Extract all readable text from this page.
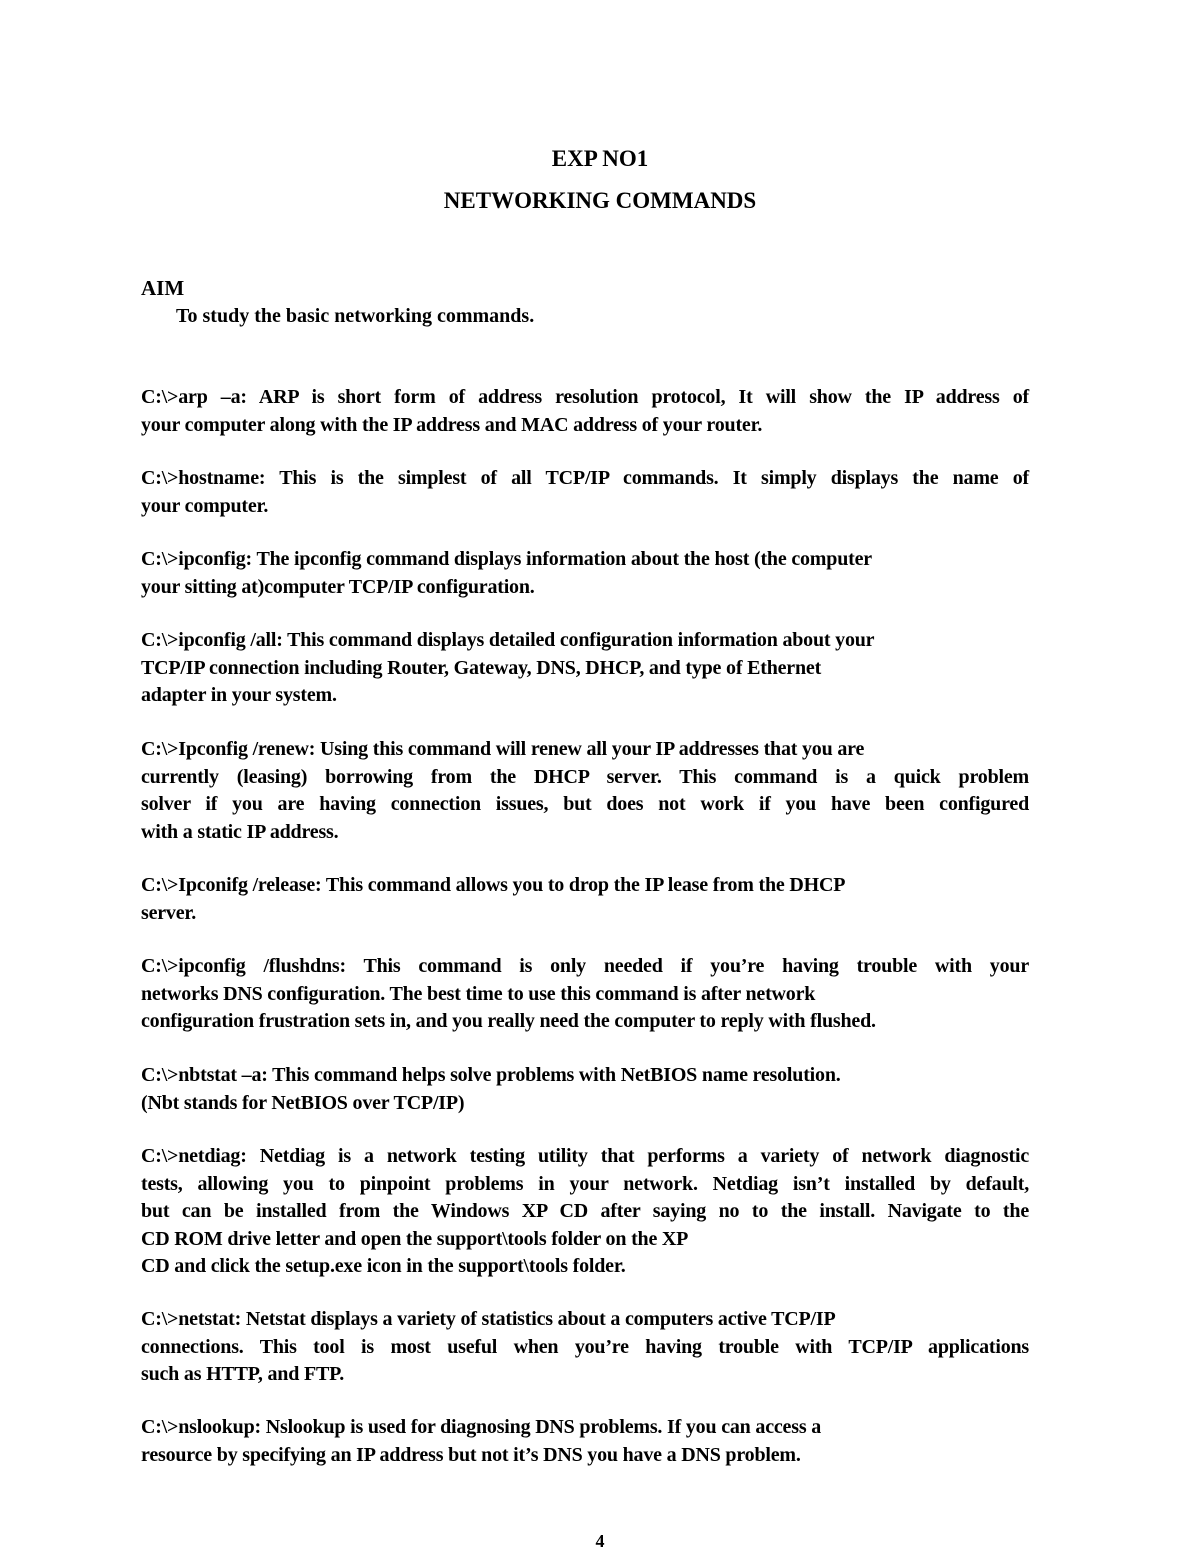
EXP NO1
NETWORKING COMMANDS
AIM

To study the basic networking commands.

C:\>arp –a: ARP is short form of address resolution protocol, It will show the IP address of
your computer along with the IP address and MAC address of your router.

C:\>hostname: This is the simplest of all TCP/IP commands. It simply displays the name of
your computer.

C:\>ipconfig: The ipconfig command displays information about the host (the computer
your sitting at)computer TCP/IP configuration.

C:\>ipconfig /all: This command displays detailed configuration information about your
TCP/IP connection including Router, Gateway, DNS, DHCP, and type of Ethernet
adapter in your system.

C:\>Ipconfig /renew: Using this command will renew all your IP addresses that you are
currently (leasing) borrowing from the DHCP server. This command is a quick problem
solver if you are having connection issues, but does not work if you have been configured
with a static IP address.

C:\>Ipconifg /release: This command allows you to drop the IP lease from the DHCP
server.

C:\>ipconfig /flushdns: This command is only needed if you’re having trouble with your
networks DNS configuration. The best time to use this command is after network
configuration frustration sets in, and you really need the computer to reply with flushed.

C:\>nbtstat –a: This command helps solve problems with NetBIOS name resolution.
(Nbt stands for NetBIOS over TCP/IP)

C:\>netdiag: Netdiag is a network testing utility that performs a variety of network diagnostic
tests, allowing you to pinpoint problems in your network. Netdiag isn’t installed by default,
but can be installed from the Windows XP CD after saying no to the install. Navigate to the
CD ROM drive letter and open the support\tools folder on the XP
CD and click the setup.exe icon in the support\tools folder.

C:\>netstat: Netstat displays a variety of statistics about a computers active TCP/IP
connections. This tool is most useful when you’re having trouble with TCP/IP applications
such as HTTP, and FTP.

C:\>nslookup: Nslookup is used for diagnosing DNS problems. If you can access a
resource by specifying an IP address but not it’s DNS you have a DNS problem.

4
